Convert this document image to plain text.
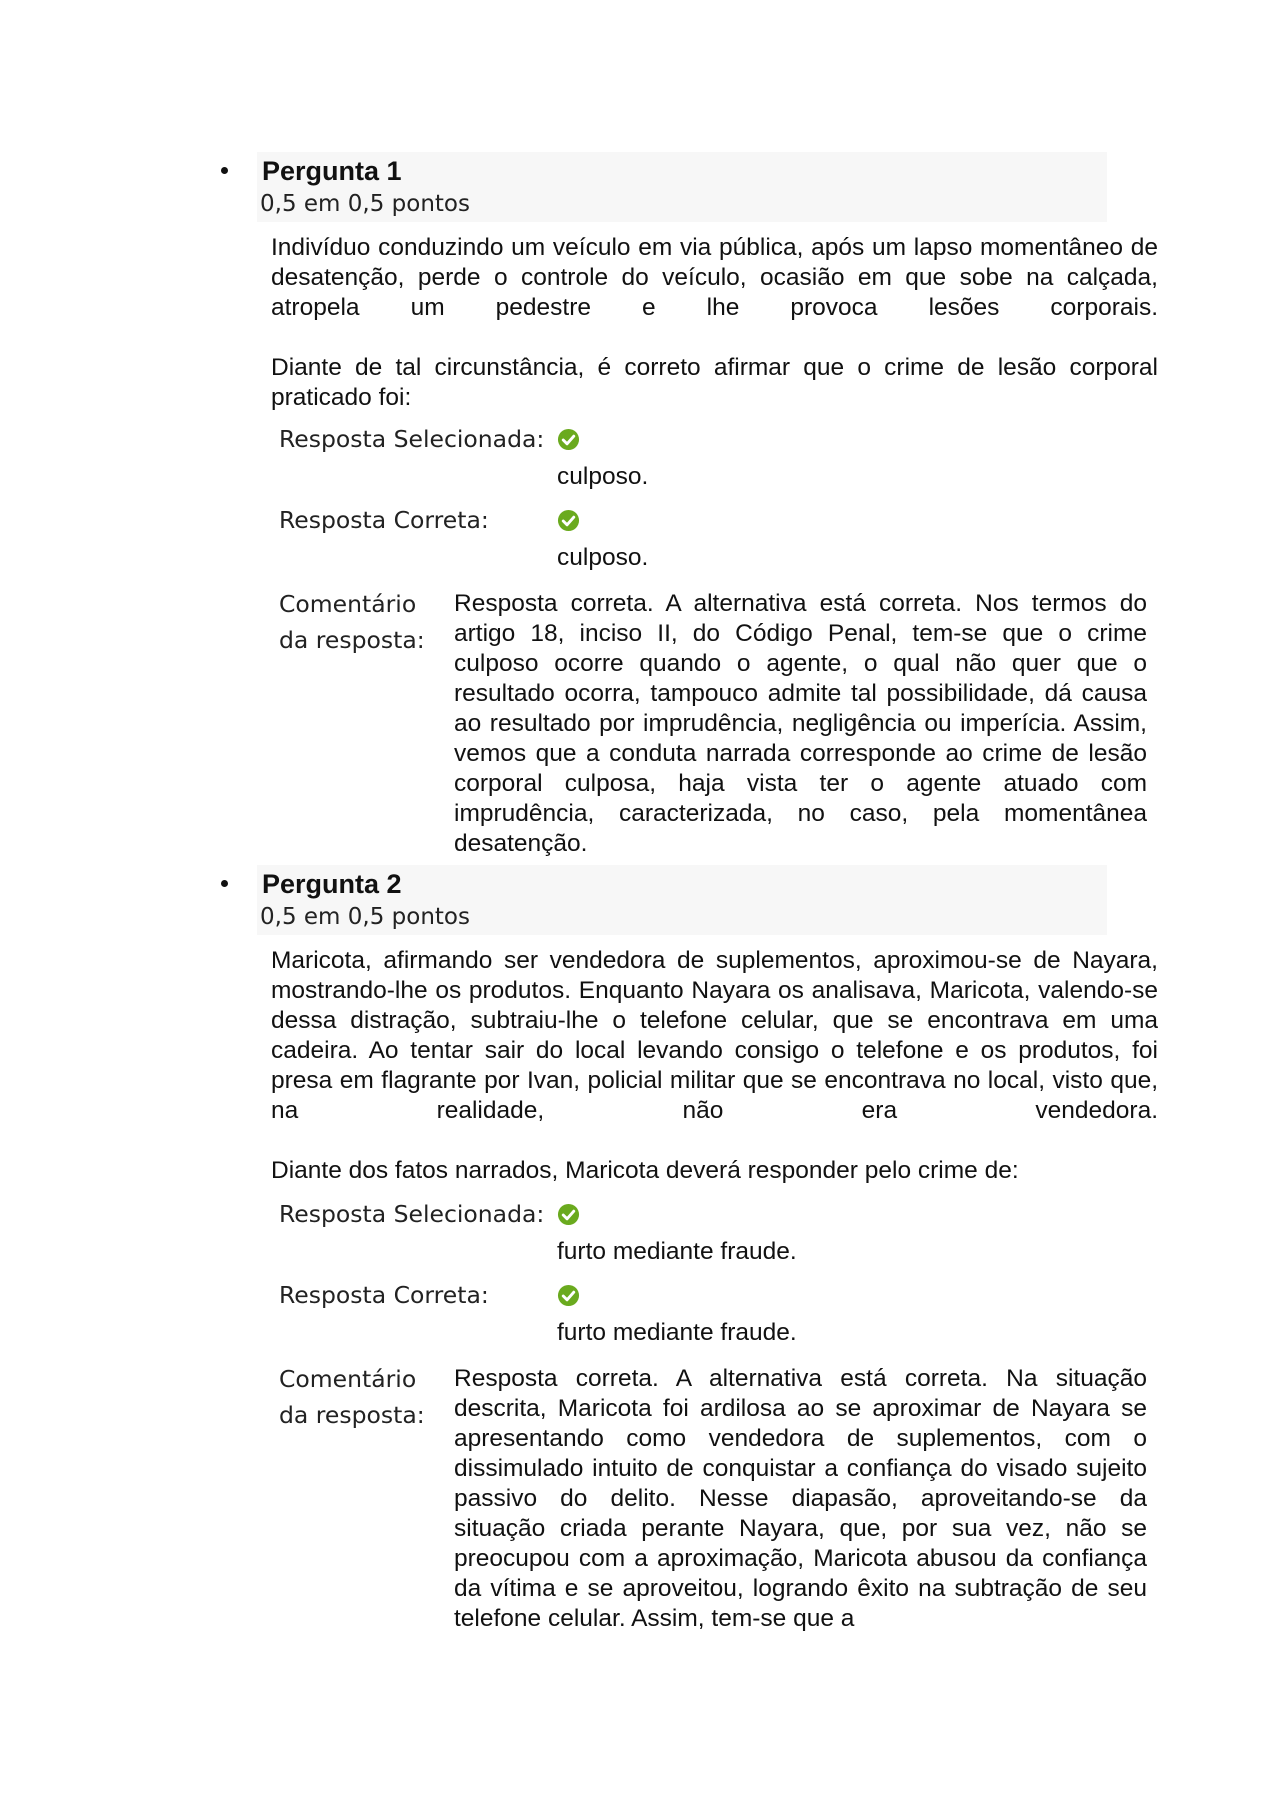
Pergunta 1
0,5 em 0,5 pontos

Indivíduo conduzindo um veículo em via pública, após um lapso momentâneo de desatenção, perde o controle do veículo, ocasião em que sobe na calçada, atropela um pedestre e lhe provoca lesões corporais.

Diante de tal circunstância, é correto afirmar que o crime de lesão corporal praticado foi:

Resposta Selecionada:
culposo.
Resposta Correta:
culposo.
Comentário
da resposta:
Resposta correta. A alternativa está correta. Nos termos do artigo 18, inciso II, do Código Penal, tem-se que o crime culposo ocorre quando o agente, o qual não quer que o resultado ocorra, tampouco admite tal possibilidade, dá causa ao resultado por imprudência, negligência ou imperícia. Assim, vemos que a conduta narrada corresponde ao crime de lesão corporal culposa, haja vista ter o agente atuado com imprudência, caracterizada, no caso, pela momentânea desatenção.
Pergunta 2
0,5 em 0,5 pontos

Maricota, afirmando ser vendedora de suplementos, aproximou-se de Nayara, mostrando-lhe os produtos. Enquanto Nayara os analisava, Maricota, valendo-se dessa distração, subtraiu-lhe o telefone celular, que se encontrava em uma cadeira. Ao tentar sair do local levando consigo o telefone e os produtos, foi presa em flagrante por Ivan, policial militar que se encontrava no local, visto que, na realidade, não era vendedora.

Diante dos fatos narrados, Maricota deverá responder pelo crime de:

Resposta Selecionada:
furto mediante fraude.
Resposta Correta:
furto mediante fraude.
Comentário
da resposta:
Resposta correta. A alternativa está correta. Na situação descrita, Maricota foi ardilosa ao se aproximar de Nayara se apresentando como vendedora de suplementos, com o dissimulado intuito de conquistar a confiança do visado sujeito passivo do delito. Nesse diapasão, aproveitando-se da situação criada perante Nayara, que, por sua vez, não se preocupou com a aproximação, Maricota abusou da confiança da vítima e se aproveitou, logrando êxito na subtração de seu telefone celular. Assim, tem-se que a
